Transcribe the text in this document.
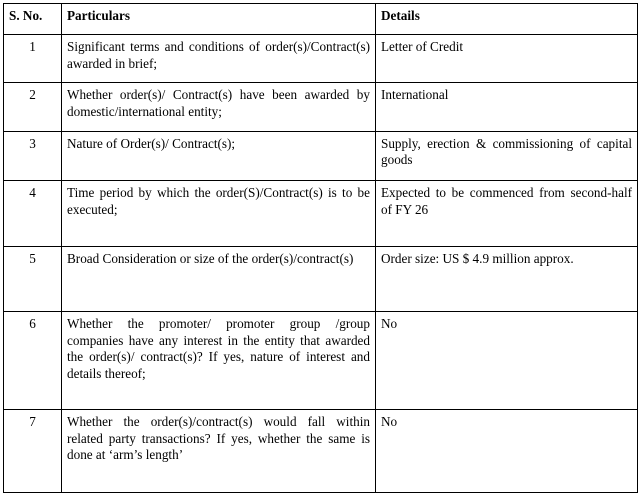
S. No.	Particulars	Details
1	Significant terms and conditions of order(s)/Contract(s) awarded in brief;	Letter of Credit
2	Whether order(s)/ Contract(s) have been awarded by domestic/international entity;	International
3	Nature of Order(s)/ Contract(s);	Supply, erection & commissioning of capital goods
4	Time period by which the order(S)/Contract(s) is to be executed;	Expected to be commenced from second-half of FY 26
5	Broad Consideration or size of the order(s)/contract(s)	Order size: US $ 4.9 million approx.
6	Whether the promoter/ promoter group /group companies have any interest in the entity that awarded the order(s)/ contract(s)? If yes, nature of interest and details thereof;	No
7	Whether the order(s)/contract(s) would fall within related party transactions? If yes, whether the same is done at ‘arm’s length’	No
